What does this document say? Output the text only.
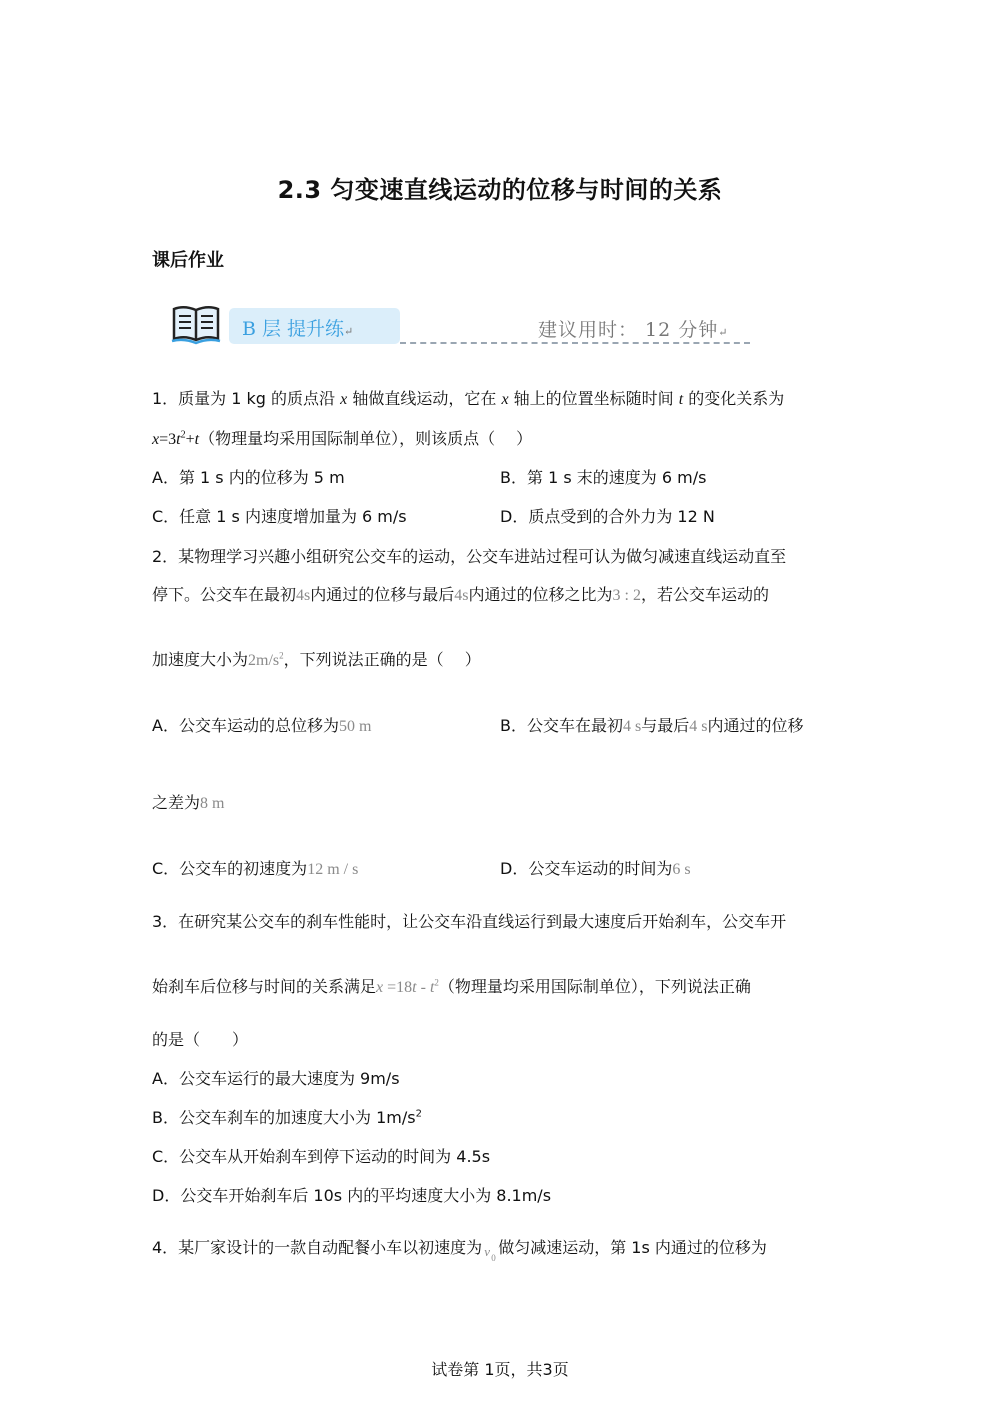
2.3 匀变速直线运动的位移与时间的关系
课后作业
B 层 提升练↵	建议用时： 12 分钟↵
1．质量为 1 kg 的质点沿 x 轴做直线运动，它在 x 轴上的位置坐标随时间 t 的变化关系为
$x=3t^2+t$（物理量均采用国际制单位），则该质点（　 ）
A．第 1 s 内的位移为 5 m	B．第 1 s 末的速度为 6 m/s
C．任意 1 s 内速度增加量为 6 m/s	D．质点受到的合外力为 12 N
2．某物理学习兴趣小组研究公交车的运动，公交车进站过程可认为做匀减速直线运动直至
停下。公交车在最初4s内通过的位移与最后4s内通过的位移之比为3 : 2，若公交车运动的
加速度大小为$2m/s^2$，下列说法正确的是（　 ）
A．公交车运动的总位移为50 m	B．公交车在最初4 s与最后4 s内通过的位移
之差为8 m
C．公交车的初速度为12 m / s	D．公交车运动的时间为6 s
3．在研究某公交车的刹车性能时，让公交车沿直线运行到最大速度后开始刹车，公交车开
始刹车后位移与时间的关系满足$x =18t - t^2$（物理量均采用国际制单位），下列说法正确
的是（　　）
A．公交车运行的最大速度为 9m/s
B．公交车刹车的加速度大小为 $1m/s^2$
C．公交车从开始刹车到停下运动的时间为 4.5s
D．公交车开始刹车后 10s 内的平均速度大小为 8.1m/s
4．某厂家设计的一款自动配餐小车以初速度为 v 0
做匀减速运动，第 1s 内通过的位移为
试卷第 1页，共3页
